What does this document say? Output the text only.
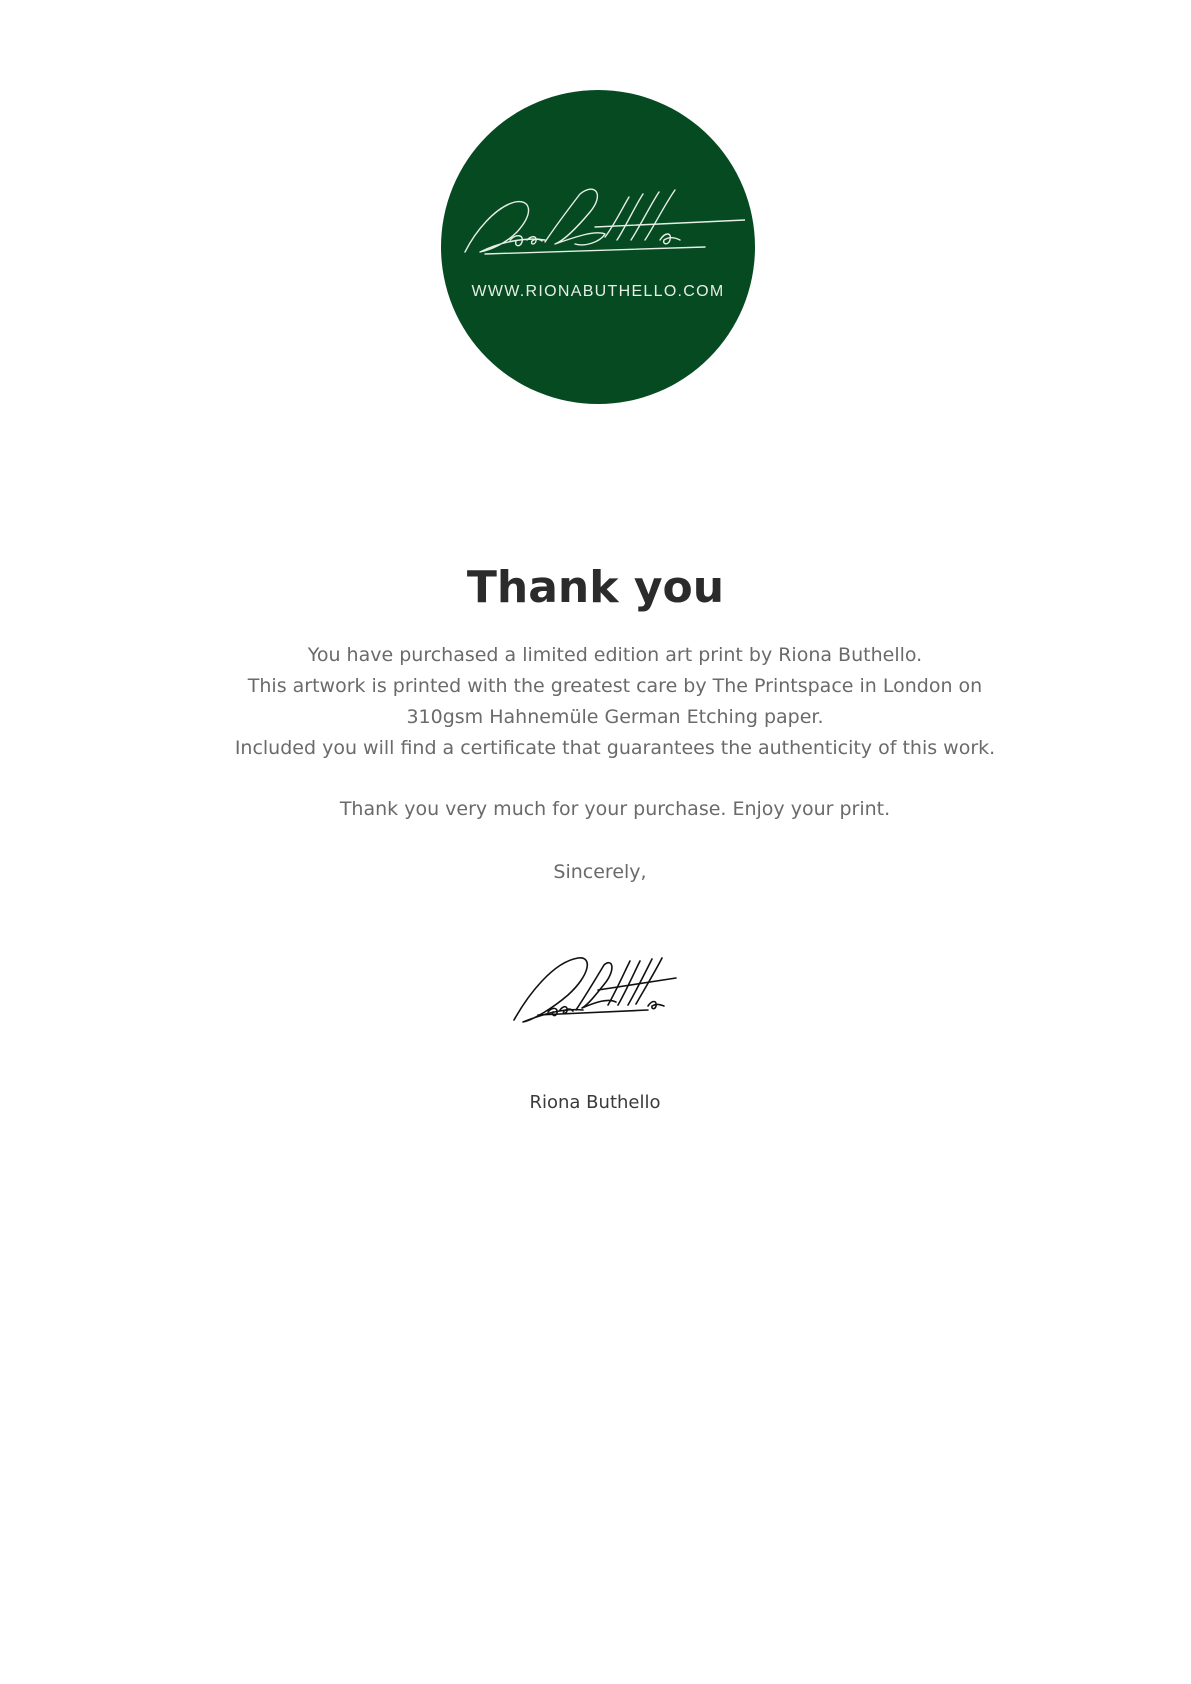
WWW.RIONABUTHELLO.COM
Thank you

You have purchased a limited edition art print by Riona Buthello.

This artwork is printed with the greatest care by The Printspace in London on

310gsm Hahnemüle German Etching paper.

Included you will find a certificate that guarantees the authenticity of this work.

Thank you very much for your purchase. Enjoy your print.
Sincerely,
Riona Buthello
